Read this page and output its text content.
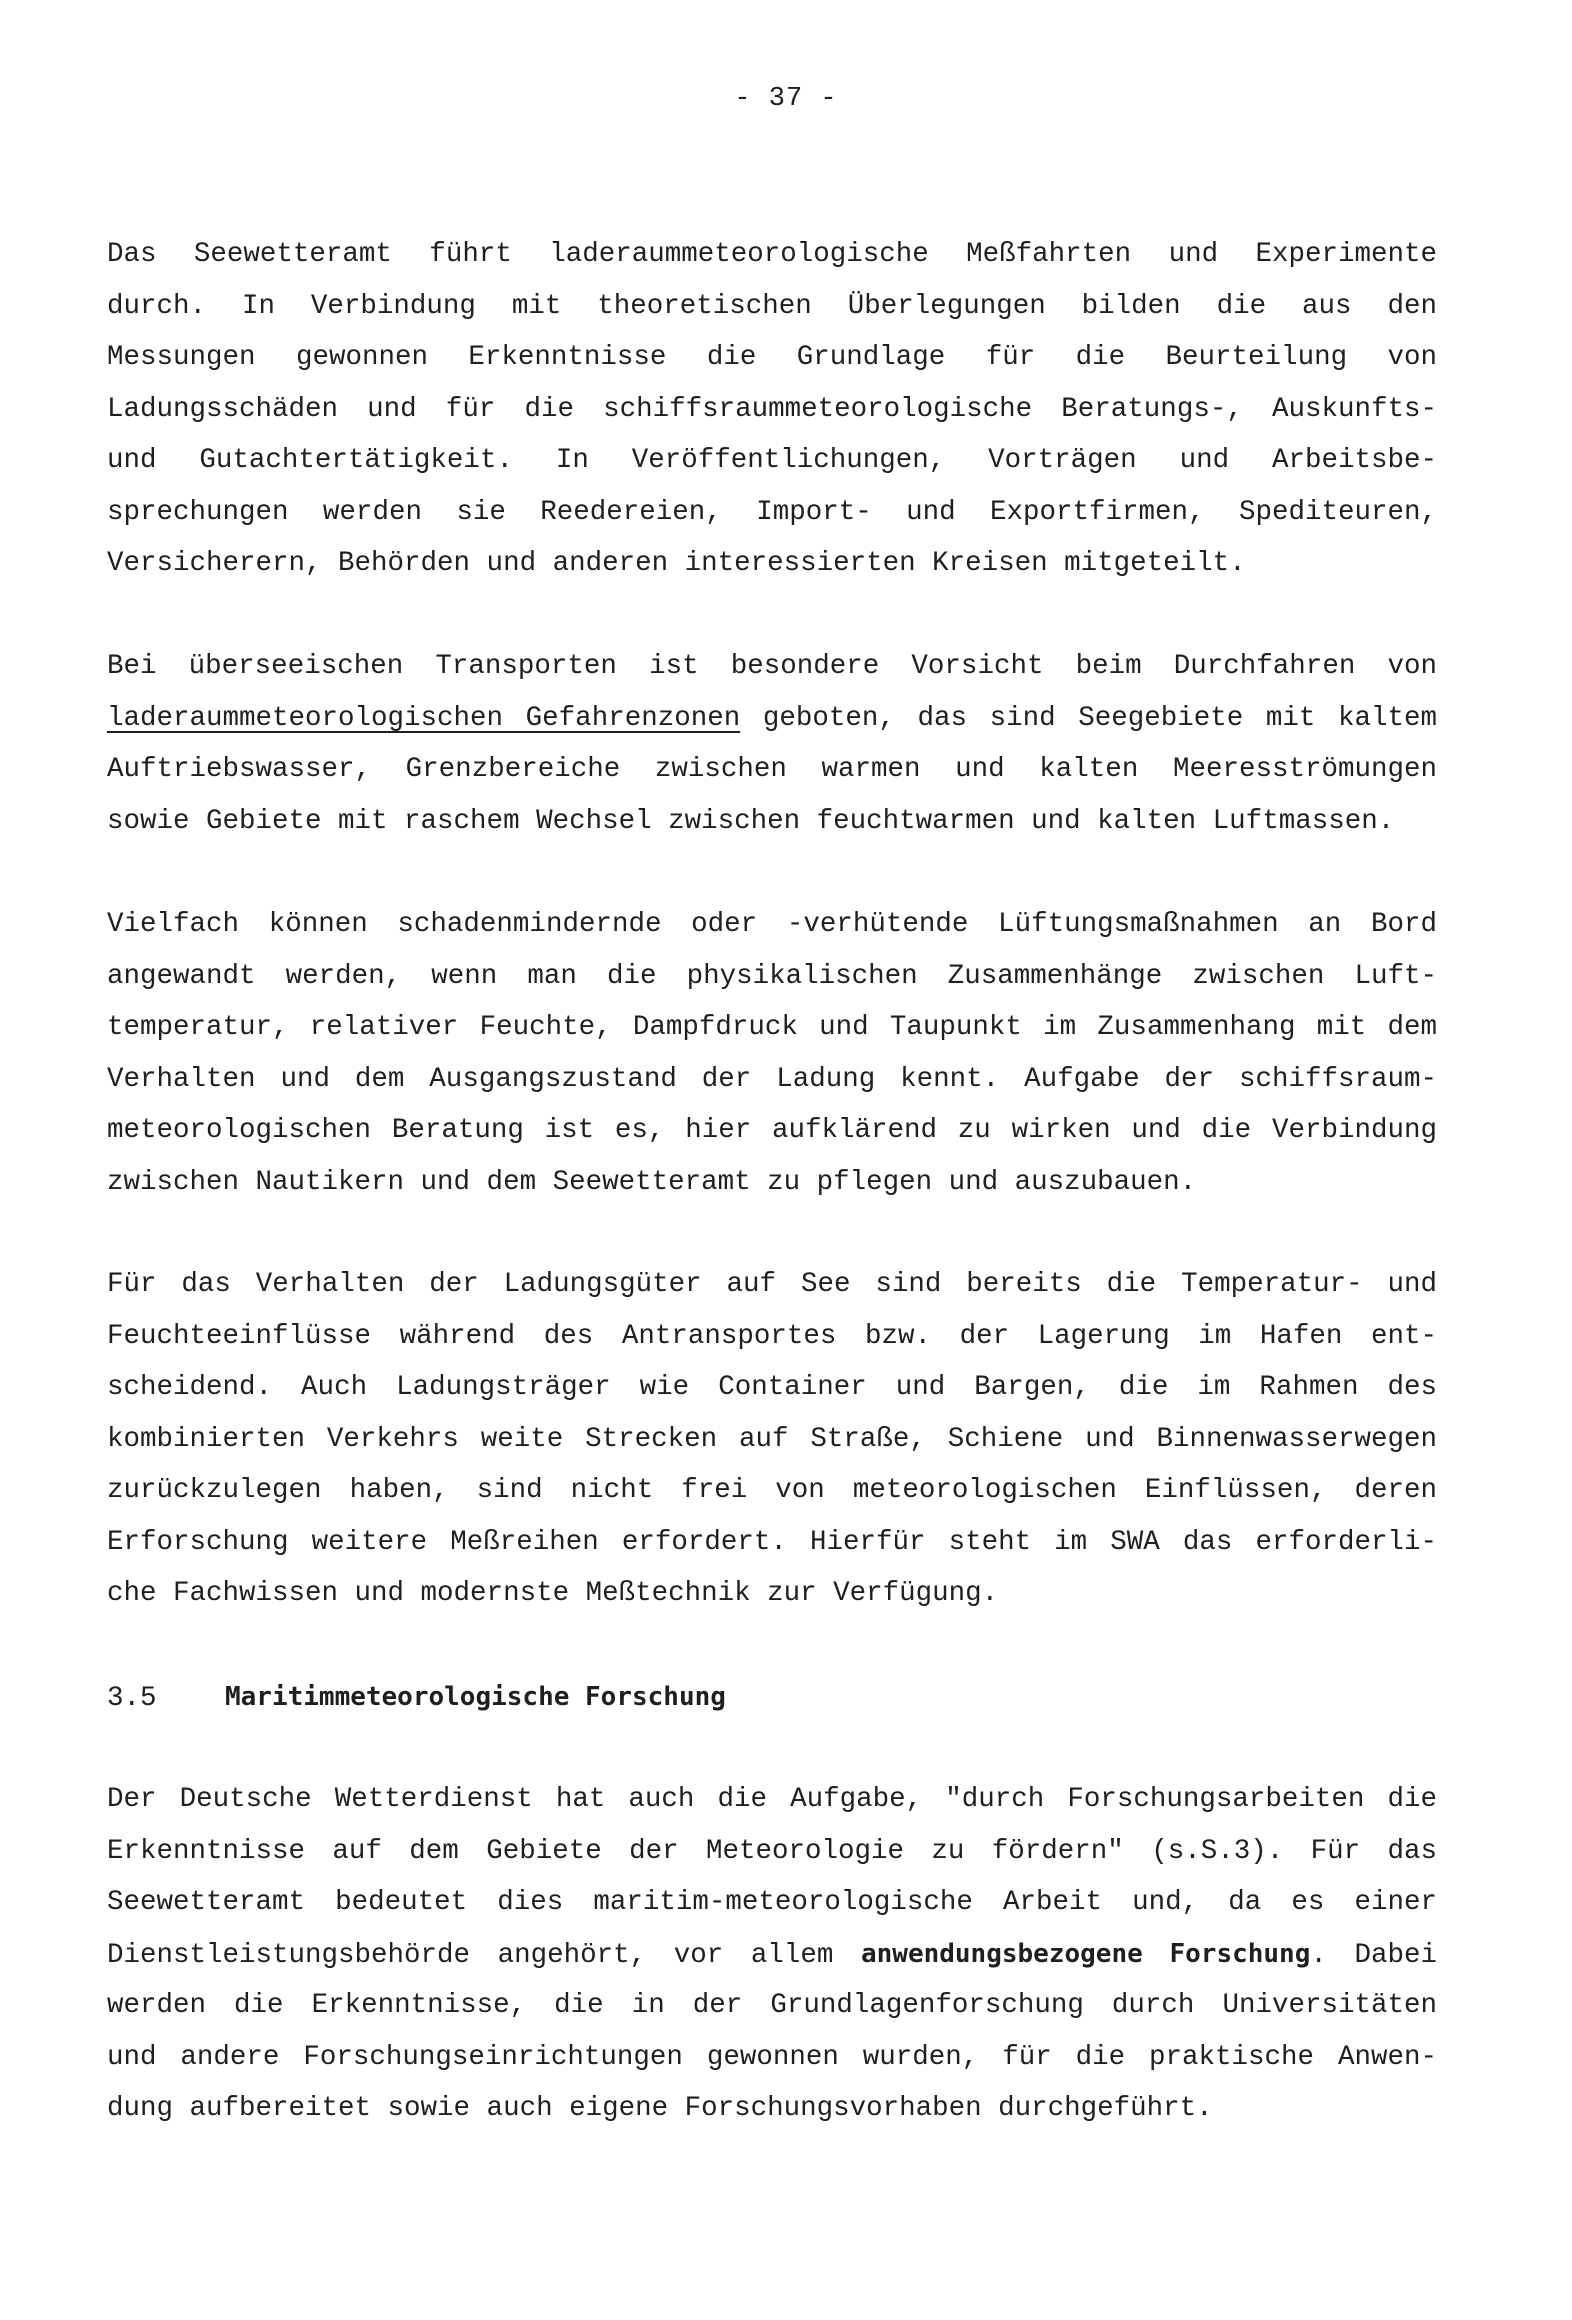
- 37 -
Das Seewetteramt führt laderaummeteorologische Meßfahrten und Experimente
durch. In Verbindung mit theoretischen Überlegungen bilden die aus den
Messungen gewonnen Erkenntnisse die Grundlage für die Beurteilung von
Ladungsschäden und für die schiffsraummeteorologische Beratungs-, Auskunfts-
und Gutachtertätigkeit. In Veröffentlichungen, Vorträgen und Arbeitsbe-
sprechungen werden sie Reedereien, Import- und Exportfirmen, Spediteuren,
Versicherern, Behörden und anderen interessierten Kreisen mitgeteilt.
Bei überseeischen Transporten ist besondere Vorsicht beim Durchfahren von
laderaummeteorologischen Gefahrenzonen geboten, das sind Seegebiete mit kaltem
Auftriebswasser, Grenzbereiche zwischen warmen und kalten Meeresströmungen
sowie Gebiete mit raschem Wechsel zwischen feuchtwarmen und kalten Luftmassen.
Vielfach können schadenmindernde oder -verhütende Lüftungsmaßnahmen an Bord
angewandt werden, wenn man die physikalischen Zusammenhänge zwischen Luft-
temperatur, relativer Feuchte, Dampfdruck und Taupunkt im Zusammenhang mit dem
Verhalten und dem Ausgangszustand der Ladung kennt. Aufgabe der schiffsraum-
meteorologischen Beratung ist es, hier aufklärend zu wirken und die Verbindung
zwischen Nautikern und dem Seewetteramt zu pflegen und auszubauen.
Für das Verhalten der Ladungsgüter auf See sind bereits die Temperatur- und
Feuchteeinflüsse während des Antransportes bzw. der Lagerung im Hafen ent-
scheidend. Auch Ladungsträger wie Container und Bargen, die im Rahmen des
kombinierten Verkehrs weite Strecken auf Straße, Schiene und Binnenwasserwegen
zurückzulegen haben, sind nicht frei von meteorologischen Einflüssen, deren
Erforschung weitere Meßreihen erfordert. Hierfür steht im SWA das erforderli-
che Fachwissen und modernste Meßtechnik zur Verfügung.
3.5	Maritimmeteorologische Forschung
Der Deutsche Wetterdienst hat auch die Aufgabe, "durch Forschungsarbeiten die
Erkenntnisse auf dem Gebiete der Meteorologie zu fördern" (s.S.3). Für das
Seewetteramt bedeutet dies maritim-meteorologische Arbeit und, da es einer
Dienstleistungsbehörde angehört, vor allem anwendungsbezogene Forschung. Dabei
werden die Erkenntnisse, die in der Grundlagenforschung durch Universitäten
und andere Forschungseinrichtungen gewonnen wurden, für die praktische Anwen-
dung aufbereitet sowie auch eigene Forschungsvorhaben durchgeführt.
